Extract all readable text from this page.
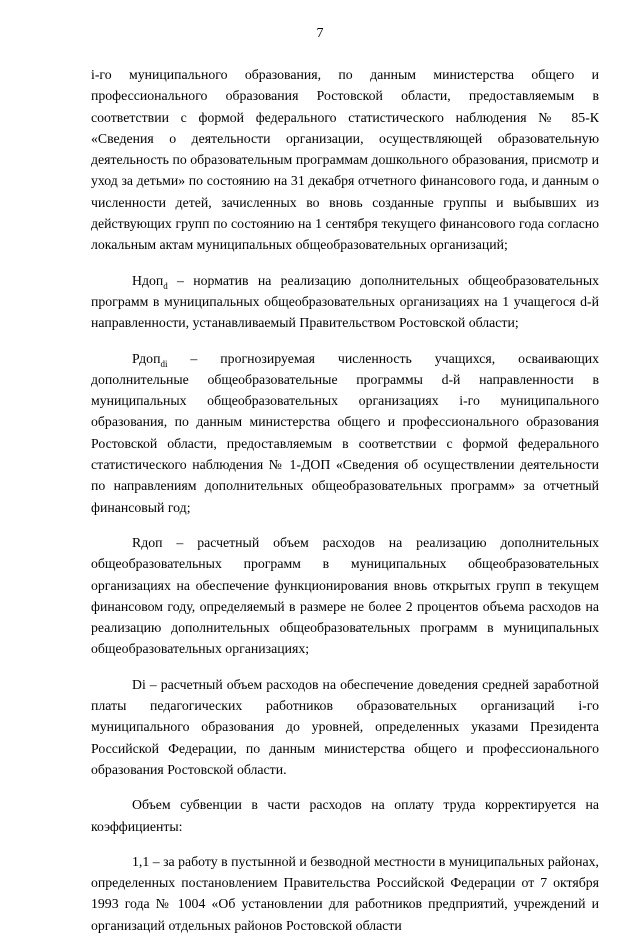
7

i-го муниципального образования, по данным министерства общего и профессионального образования Ростовской области, предоставляемым в соответствии с формой федерального статистического наблюдения № 85-К «Сведения о деятельности организации, осуществляющей образовательную деятельность по образовательным программам дошкольного образования, присмотр и уход за детьми» по состоянию на 31 декабря отчетного финансового года, и данным о численности детей, зачисленных во вновь созданные группы и выбывших из действующих групп по состоянию на 1 сентября текущего финансового года согласно локальным актам муниципальных общеобразовательных организаций;

Ндоп$_d$ – норматив на реализацию дополнительных общеобразовательных программ в муниципальных общеобразовательных организациях на 1 учащегося d-й направленности, устанавливаемый Правительством Ростовской области;

Рдоп$_{di}$ – прогнозируемая численность учащихся, осваивающих дополнительные общеобразовательные программы d-й направленности в муниципальных общеобразовательных организациях i-го муниципального образования, по данным министерства общего и профессионального образования Ростовской области, предоставляемым в соответствии с формой федерального статистического наблюдения № 1-ДОП «Сведения об осуществлении деятельности по направлениям дополнительных общеобразовательных программ» за отчетный финансовый год;

Rдоп – расчетный объем расходов на реализацию дополнительных общеобразовательных программ в муниципальных общеобразовательных организациях на обеспечение функционирования вновь открытых групп в текущем финансовом году, определяемый в размере не более 2 процентов объема расходов на реализацию дополнительных общеобразовательных программ в муниципальных общеобразовательных организациях;

Di – расчетный объем расходов на обеспечение доведения средней заработной платы педагогических работников образовательных организаций i-го муниципального образования до уровней, определенных указами Президента Российской Федерации, по данным министерства общего и профессионального образования Ростовской области.

Объем субвенции в части расходов на оплату труда корректируется на коэффициенты:

1,1 – за работу в пустынной и безводной местности в муниципальных районах, определенных постановлением Правительства Российской Федерации от 7 октября 1993 года № 1004 «Об установлении для работников предприятий, учреждений и организаций отдельных районов Ростовской области
